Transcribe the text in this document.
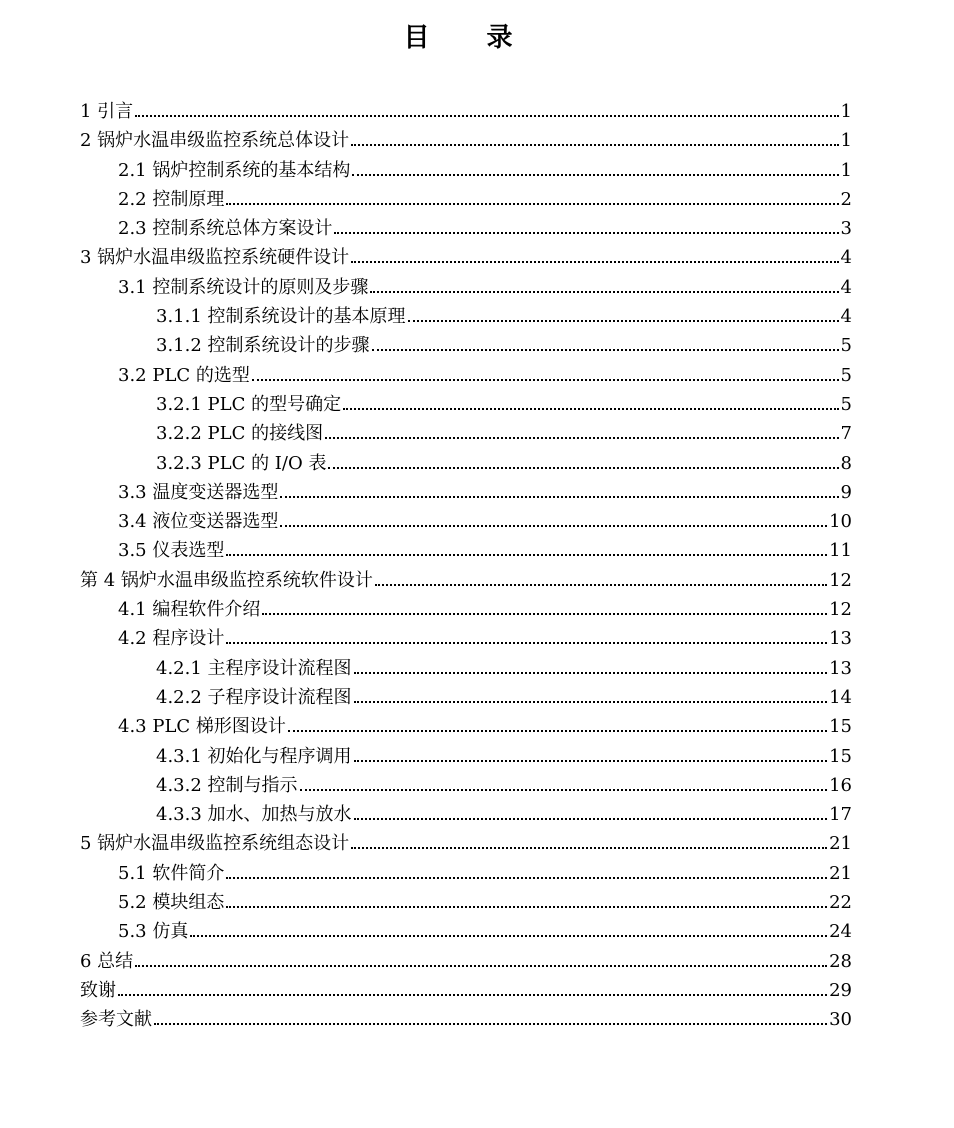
目 录
1 引言	1
2 锅炉水温串级监控系统总体设计	1
2.1 锅炉控制系统的基本结构	1
2.2 控制原理	2
2.3 控制系统总体方案设计	3
3 锅炉水温串级监控系统硬件设计	4
3.1 控制系统设计的原则及步骤	4
3.1.1 控制系统设计的基本原理	4
3.1.2 控制系统设计的步骤	5
3.2 PLC 的选型	5
3.2.1 PLC 的型号确定	5
3.2.2 PLC 的接线图	7
3.2.3 PLC 的 I/O 表	8
3.3 温度变送器选型	9
3.4 液位变送器选型	10
3.5 仪表选型	11
第 4 锅炉水温串级监控系统软件设计	12
4.1 编程软件介绍	12
4.2 程序设计	13
4.2.1 主程序设计流程图	13
4.2.2 子程序设计流程图	14
4.3 PLC 梯形图设计	15
4.3.1 初始化与程序调用	15
4.3.2 控制与指示	16
4.3.3 加水、加热与放水	17
5 锅炉水温串级监控系统组态设计	21
5.1 软件简介	21
5.2 模块组态	22
5.3 仿真	24
6 总结	28
致谢	29
参考文献	30
